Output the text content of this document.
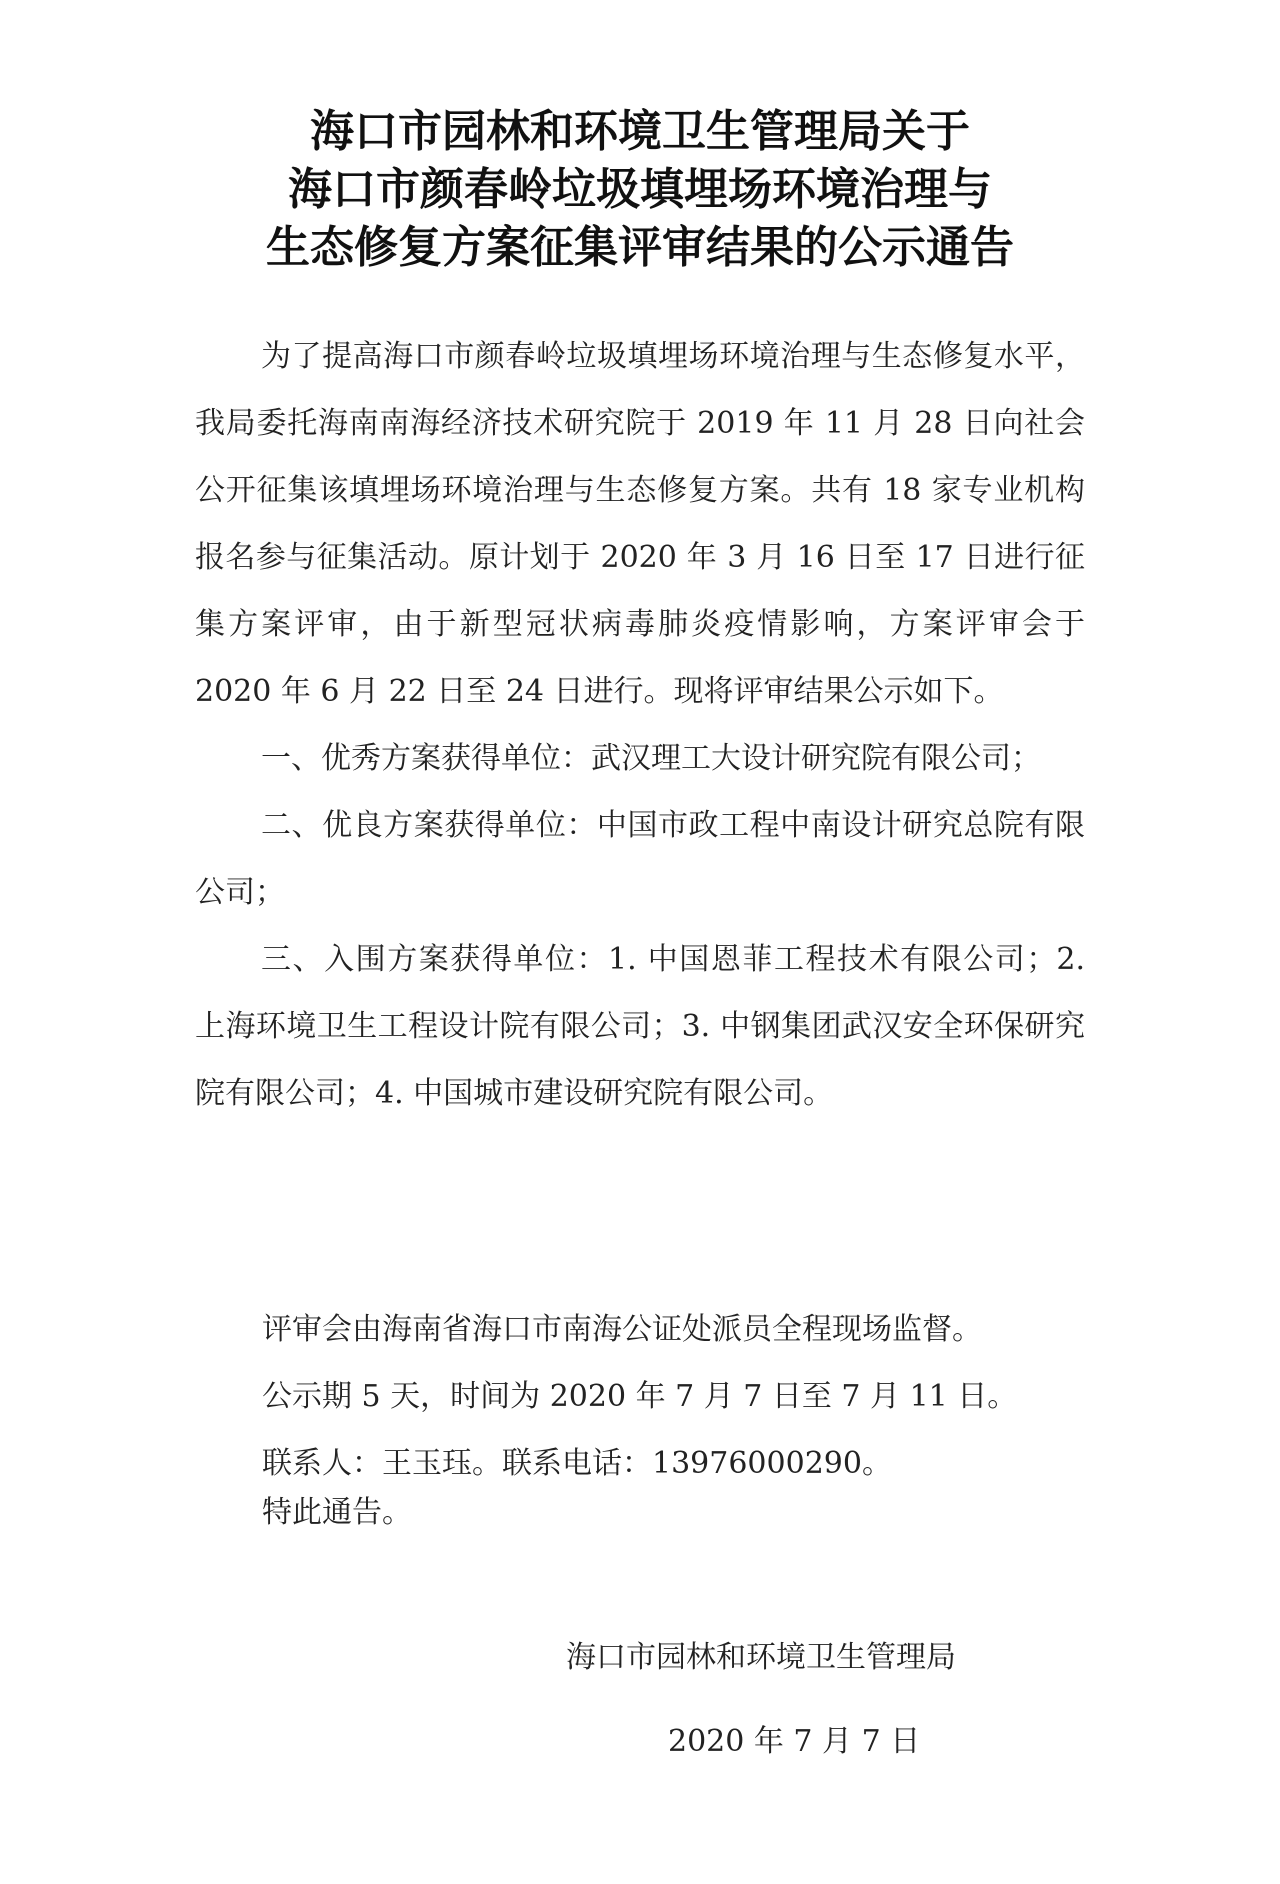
海口市园林和环境卫生管理局关于
海口市颜春岭垃圾填埋场环境治理与
生态修复方案征集评审结果的公示通告

为了提高海口市颜春岭垃圾填埋场环境治理与生态修复水平，我局委托海南南海经济技术研究院于 2019 年 11 月 28 日向社会公开征集该填埋场环境治理与生态修复方案。共有 18 家专业机构报名参与征集活动。原计划于 2020 年 3 月 16 日至 17 日进行征集方案评审，由于新型冠状病毒肺炎疫情影响，方案评审会于 2020 年 6 月 22 日至 24 日进行。现将评审结果公示如下。

一、优秀方案获得单位：武汉理工大设计研究院有限公司；

二、优良方案获得单位：中国市政工程中南设计研究总院有限公司；

三、入围方案获得单位：1. 中国恩菲工程技术有限公司；2. 上海环境卫生工程设计院有限公司；3. 中钢集团武汉安全环保研究院有限公司；4. 中国城市建设研究院有限公司。

评审会由海南省海口市南海公证处派员全程现场监督。
公示期 5 天，时间为 2020 年 7 月 7 日至 7 月 11 日。
联系人：王玉珏。联系电话：13976000290。
特此通告。
海口市园林和环境卫生管理局
2020 年 7 月 7 日
